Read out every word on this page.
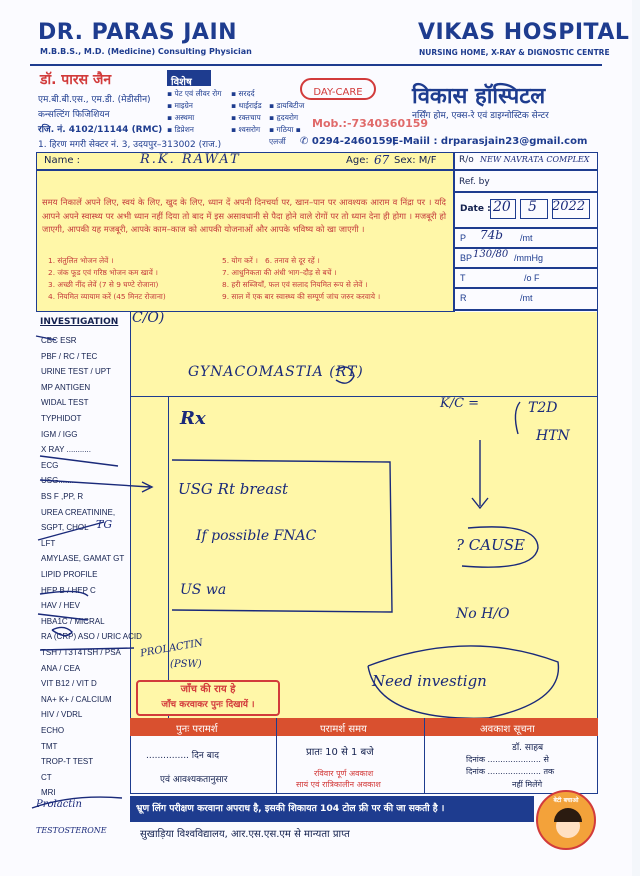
DR. PARAS JAIN
M.B.B.S., M.D. (Medicine) Consulting Physician
VIKAS HOSPITAL
NURSING HOME, X-RAY & DIGNOSTIC CENTRE
डॉ. पारस जैन
एम.बी.बी.एस., एम.डी. (मेडीसीन)
कन्सल्टिंग फिजिशियन
रजि. नं. 4102/11144 (RMC)
विशेष
▪ पेट एवं लीवर रोग	▪ सरदर्द
▪ माइग्रेन	▪ थाईराईड ▪ डायबिटीज
▪ अस्थमा	▪ रक्तचाप	▪ हृदयरोग
▪ डिप्रेशन	▪ श्वसरोग	▪ गठिया ▪ एलर्जी
DAY-CARE
Mob.:-7340360159
विकास हॉस्पिटल
नर्सिंग होम, एक्स-रे एवं डाइग्नोस्टिक सेन्टर
1. हिरण मगरी सेक्टर नं. 3, उदयपुर–313002 (राज.)	✆ 0294-2460159,
E-Maiil : drparasjain23@gmail.com
Name :	R.K. RAWAT	Age: 67 Sex: M/F R/o NEW NAVRATA COMPLEX
Ref. by
समय निकालें अपने लिए, स्वयं के लिए, खुद के लिए, ध्यान दें अपनी दिनचर्या पर, खान–पान पर आवश्यक आराम व निंद्रा पर । यदि आपने अपने स्वास्थ्य पर अभी ध्यान नहीं दिया तो बाद में इस असावधानी से पैदा होने वाले रोगों पर तो ध्यान देना ही होगा । मजबूरी हो जाएगी, आपकी यह मजबूरी, आपके काम–काज को आपकी योजनाओं और आपके भविष्य को खा जाएगी ।
1. संतुलित भोजन लेवें ।
2. जंक फूड एवं गरिष्ठ भोजन कम खावें ।
3. अच्छी नींद लेवें (7 से 9 घण्टे रोजाना)
4. नियमित व्यायाम करें (45 मिनट रोजाना)
5. योग करें । 6. तनाव से दूर रहें ।
7. आधुनिकता की अंधी भाग–दौड़ से बचें ।
8. हरी सब्जियाँ, फल एवं सलाद नियमित रूप से लेवें ।
9. साल में एक बार स्वास्थ्य की सम्पूर्ण जांच जरुर करवाये ।
Date : 20 5 2022
P 74b /mt
BP 130/80 /mmHg
T	/o F
R	/mt
INVESTIGATION
CBC ESR
PBF / RC / TEC
URINE TEST / UPT
MP ANTIGEN
WIDAL TEST
TYPHIDOT
IGM / IGG
X RAY ...........
ECG
USG..........
BS F ,PP, R
UREA CREATININE,
SGPT, CHOL
LFT
AMYLASE, GAMAT GT
LIPID PROFILE
HEP B / HEP C
HAV / HEV
HBA1C / MICRAL
RA (CRP) ASO / URIC ACID
TSH / T3T4TSH / PSA
ANA / CEA
VIT B12 / VIT D
NA+ K+ / CALCIUM
HIV / VDRL
ECHO
TMT
TROP-T TEST
CT
MRI
C/O)
GYNACOMASTIA (RT)
Rx
K/C =	T2D
HTN
USG Rt breast
If possible FNAC
US wa
? CAUSE
No H/O
Need investign
PROLACTIN
(PSW)
TG
Prolactin
TESTOSTERONE
जाँच की राय हे
जाँच करवाकर पुनः दिखायें ।
पुनः परामर्श	परामर्श समय	अवकाश सूचना
............... दिन बाद
एवं आवश्यकतानुसार
प्रातः 10 से 1 बजे
रविवार पूर्ण अवकाश
सायं एवं रात्रिकालीन अवकाश
डॉ. साहब
दिनांक ..................... से
दिनांक ..................... तक
नहीं मिलेंगे
भ्रूण लिंग परीक्षण करवाना अपराध है, इसकी शिकायत 104 टोल फ्री पर की जा सकती है ।
सुखाड़िया विश्वविद्यालय, आर.एस.एस.एम से मान्यता प्राप्त
बेटी बचाओ
